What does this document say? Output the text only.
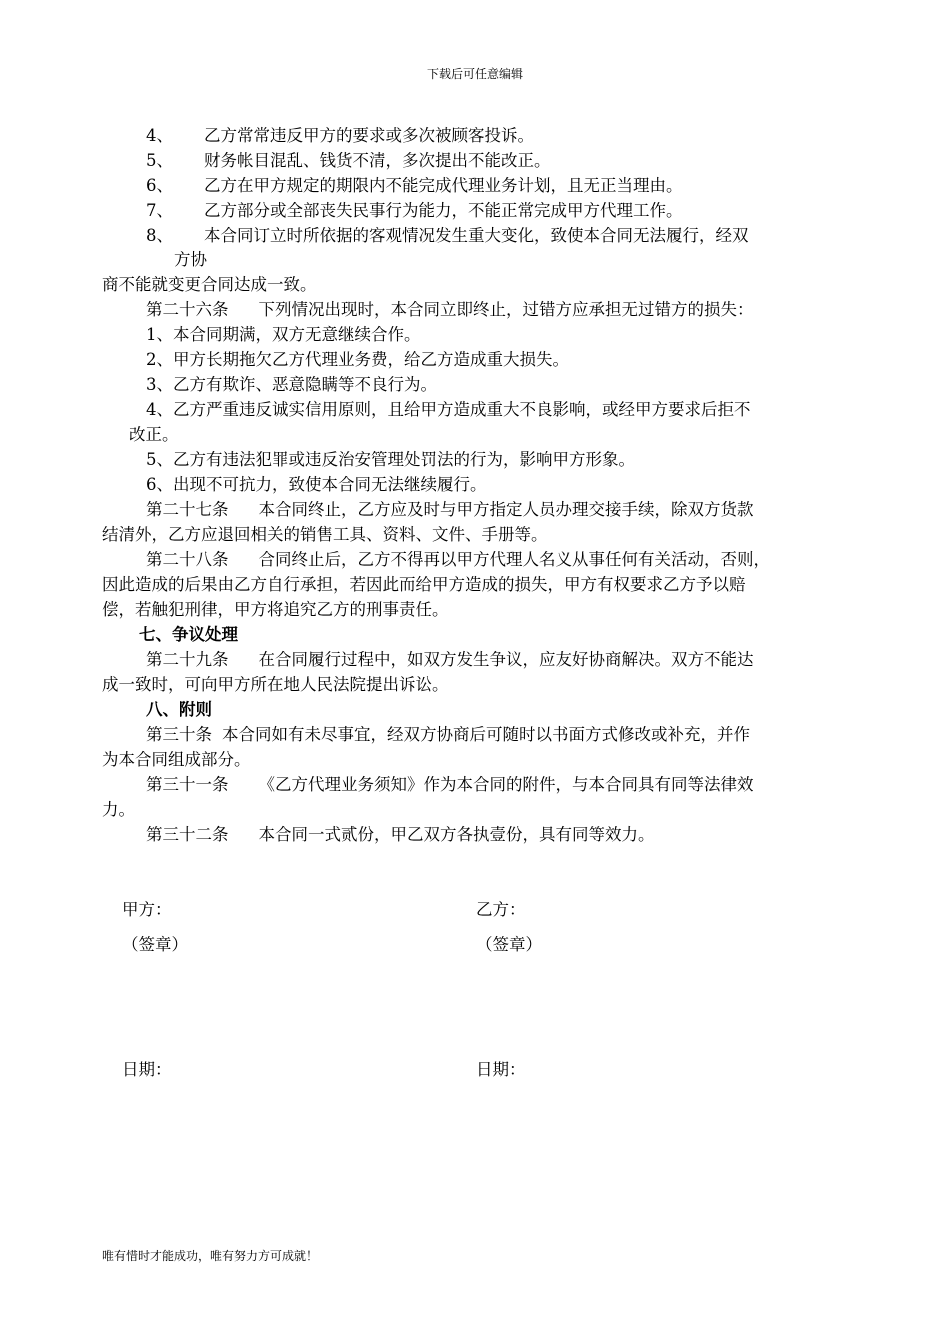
下载后可任意编辑
4、 乙方常常违反甲方的要求或多次被顾客投诉。
5、 财务帐目混乱、钱货不清，多次提出不能改正。
6、 乙方在甲方规定的期限内不能完成代理业务计划，且无正当理由。
7、 乙方部分或全部丧失民事行为能力，不能正常完成甲方代理工作。
8、 本合同订立时所依据的客观情况发生重大变化，致使本合同无法履行，经双
方协
商不能就变更合同达成一致。
第二十六条 下列情况出现时，本合同立即终止，过错方应承担无过错方的损失：
1、本合同期满，双方无意继续合作。
2、甲方长期拖欠乙方代理业务费，给乙方造成重大损失。
3、乙方有欺诈、恶意隐瞒等不良行为。
4、乙方严重违反诚实信用原则，且给甲方造成重大不良影响，或经甲方要求后拒不
改正。
5、乙方有违法犯罪或违反治安管理处罚法的行为，影响甲方形象。
6、出现不可抗力，致使本合同无法继续履行。
第二十七条 本合同终止，乙方应及时与甲方指定人员办理交接手续，除双方货款
结清外，乙方应退回相关的销售工具、资料、文件、手册等。
第二十八条 合同终止后，乙方不得再以甲方代理人名义从事任何有关活动，否则，
因此造成的后果由乙方自行承担，若因此而给甲方造成的损失，甲方有权要求乙方予以赔
偿，若触犯刑律，甲方将追究乙方的刑事责任。
七、争议处理
第二十九条 在合同履行过程中，如双方发生争议，应友好协商解决。双方不能达
成一致时，可向甲方所在地人民法院提出诉讼。
八、附则
第三十条 本合同如有未尽事宜，经双方协商后可随时以书面方式修改或补充，并作
为本合同组成部分。
第三十一条 《乙方代理业务须知》作为本合同的附件，与本合同具有同等法律效
力。
第三十二条 本合同一式贰份，甲乙双方各执壹份，具有同等效力。
甲方：	乙方：
（签章）	（签章）
日期：	日期：
唯有惜时才能成功，唯有努力方可成就！
